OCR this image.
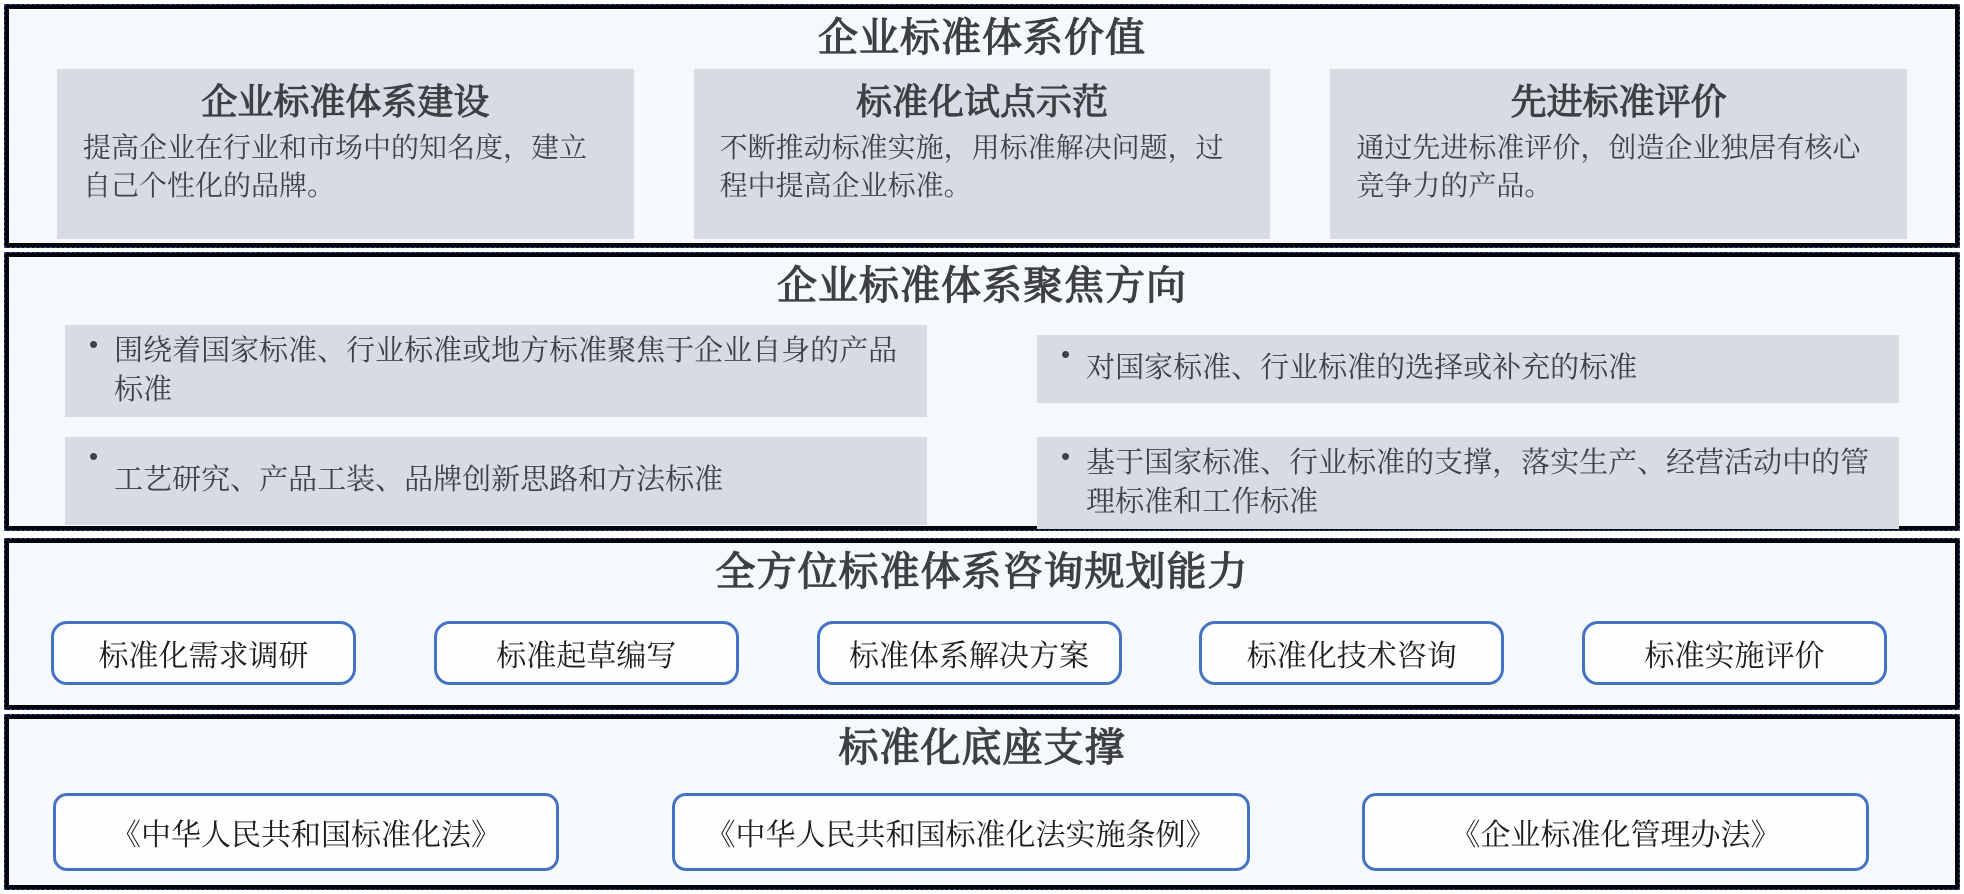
企业标准体系价值
企业标准体系建设
提高企业在行业和市场中的知名度，建立自己个性化的品牌。
标准化试点示范
不断推动标准实施，用标准解决问题，过程中提高企业标准。
先进标准评价
通过先进标准评价，创造企业独居有核心竞争力的产品。
企业标准体系聚焦方向
• 围绕着国家标准、行业标准或地方标准聚焦于企业自身的产品标准
•
工艺研究、产品工装、品牌创新思路和方法标准
• 对国家标准、行业标准的选择或补充的标准
• 基于国家标准、行业标准的支撑，落实生产、经营活动中的管理标准和工作标准
全方位标准体系咨询规划能力
标准化需求调研	标准起草编写	标准体系解决方案	标准化技术咨询	标准实施评价
标准化底座支撑
《中华人民共和国标准化法》	《中华人民共和国标准化法实施条例》	《企业标准化管理办法》
